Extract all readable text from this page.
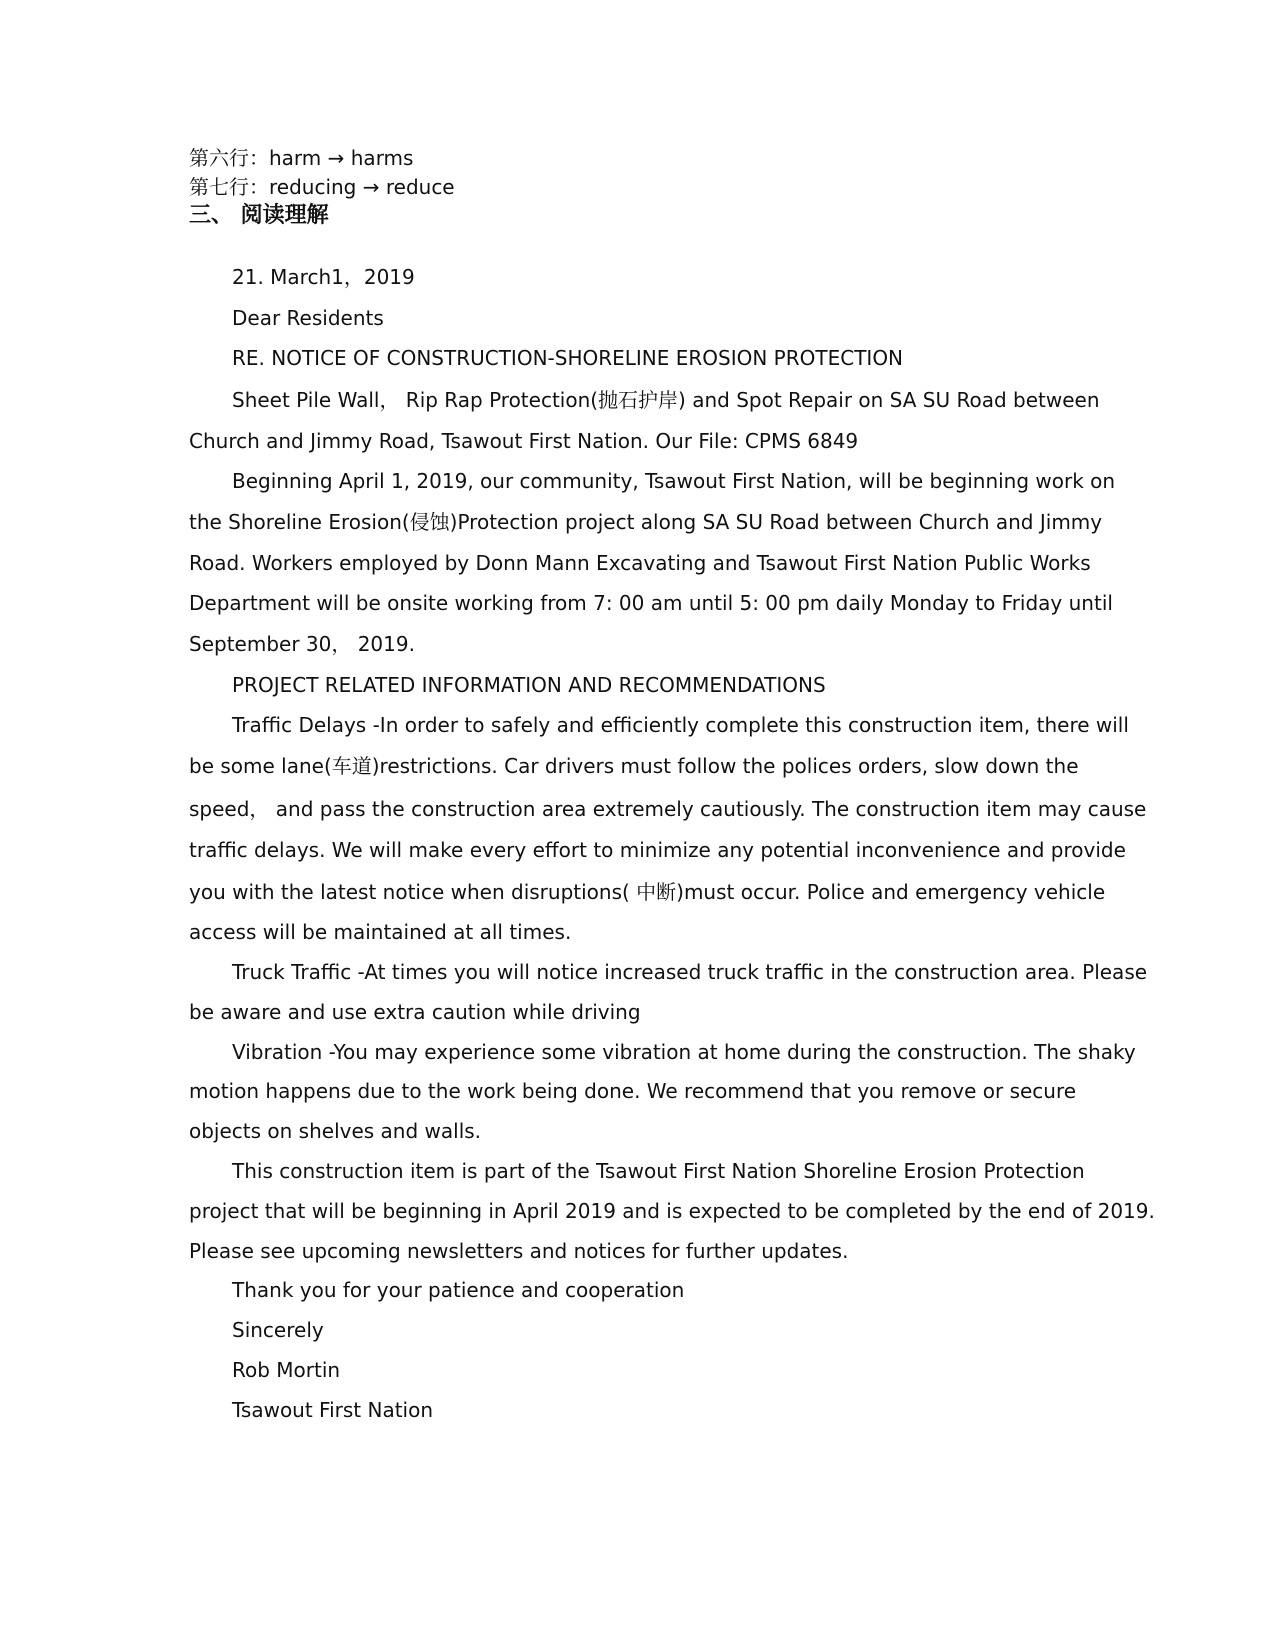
第六行：harm → harms
第七行：reducing → reduce
三、 阅读理解
21. March1，2019
Dear Residents
RE. NOTICE OF CONSTRUCTION-SHORELINE EROSION PROTECTION
Sheet Pile Wall， Rip Rap Protection(抛石护岸) and Spot Repair on SA SU Road between
Church and Jimmy Road, Tsawout First Nation. Our File: CPMS 6849
Beginning April 1, 2019, our community, Tsawout First Nation, will be beginning work on
the Shoreline Erosion(侵蚀)Protection project along SA SU Road between Church and Jimmy
Road. Workers employed by Donn Mann Excavating and Tsawout First Nation Public Works
Department will be onsite working from 7: 00 am until 5: 00 pm daily Monday to Friday until
September 30， 2019.
PROJECT RELATED INFORMATION AND RECOMMENDATIONS
Traffic Delays -In order to safely and efficiently complete this construction item, there will
be some lane(车道)restrictions. Car drivers must follow the polices orders, slow down the
speed， and pass the construction area extremely cautiously. The construction item may cause
traffic delays. We will make every effort to minimize any potential inconvenience and provide
you with the latest notice when disruptions( 中断)must occur. Police and emergency vehicle
access will be maintained at all times.
Truck Traffic -At times you will notice increased truck traffic in the construction area. Please
be aware and use extra caution while driving
Vibration -You may experience some vibration at home during the construction. The shaky
motion happens due to the work being done. We recommend that you remove or secure
objects on shelves and walls.
This construction item is part of the Tsawout First Nation Shoreline Erosion Protection
project that will be beginning in April 2019 and is expected to be completed by the end of 2019.
Please see upcoming newsletters and notices for further updates.
Thank you for your patience and cooperation
Sincerely
Rob Mortin
Tsawout First Nation
